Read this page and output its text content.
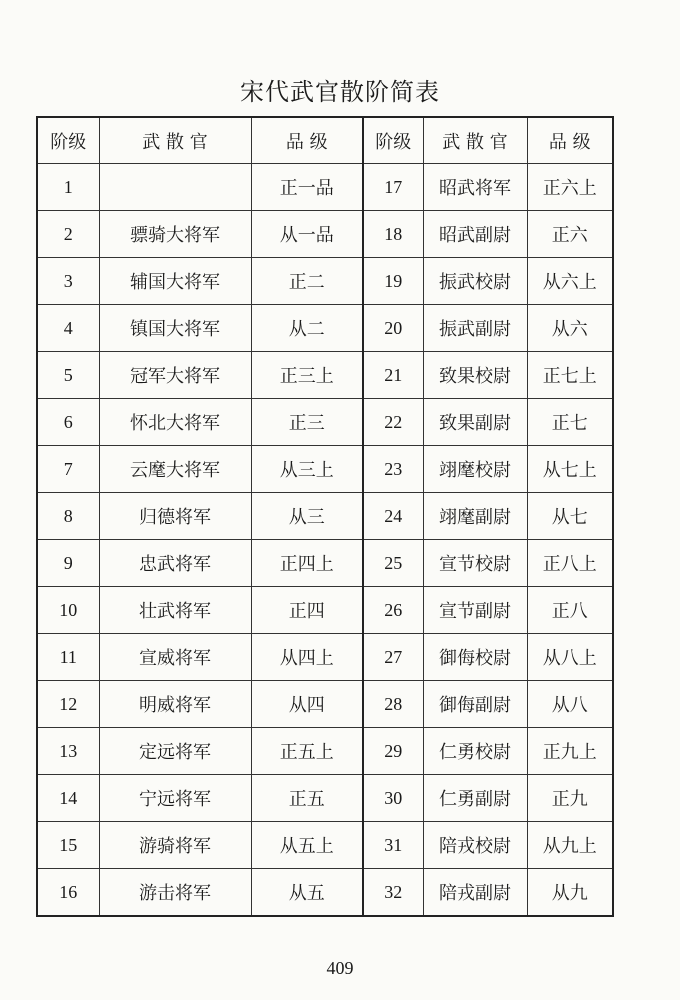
宋代武官散阶简表
阶级	武 散 官	品 级	阶级	武 散 官	品 级
1		正一品	17	昭武将军	正六上
2	骠骑大将军	从一品	18	昭武副尉	正六
3	辅国大将军	正二	19	振武校尉	从六上
4	镇国大将军	从二	20	振武副尉	从六
5	冠军大将军	正三上	21	致果校尉	正七上
6	怀北大将军	正三	22	致果副尉	正七
7	云麾大将军	从三上	23	翊麾校尉	从七上
8	归德将军	从三	24	翊麾副尉	从七
9	忠武将军	正四上	25	宣节校尉	正八上
10	壮武将军	正四	26	宣节副尉	正八
11	宣威将军	从四上	27	御侮校尉	从八上
12	明威将军	从四	28	御侮副尉	从八
13	定远将军	正五上	29	仁勇校尉	正九上
14	宁远将军	正五	30	仁勇副尉	正九
15	游骑将军	从五上	31	陪戎校尉	从九上
16	游击将军	从五	32	陪戎副尉	从九
409
